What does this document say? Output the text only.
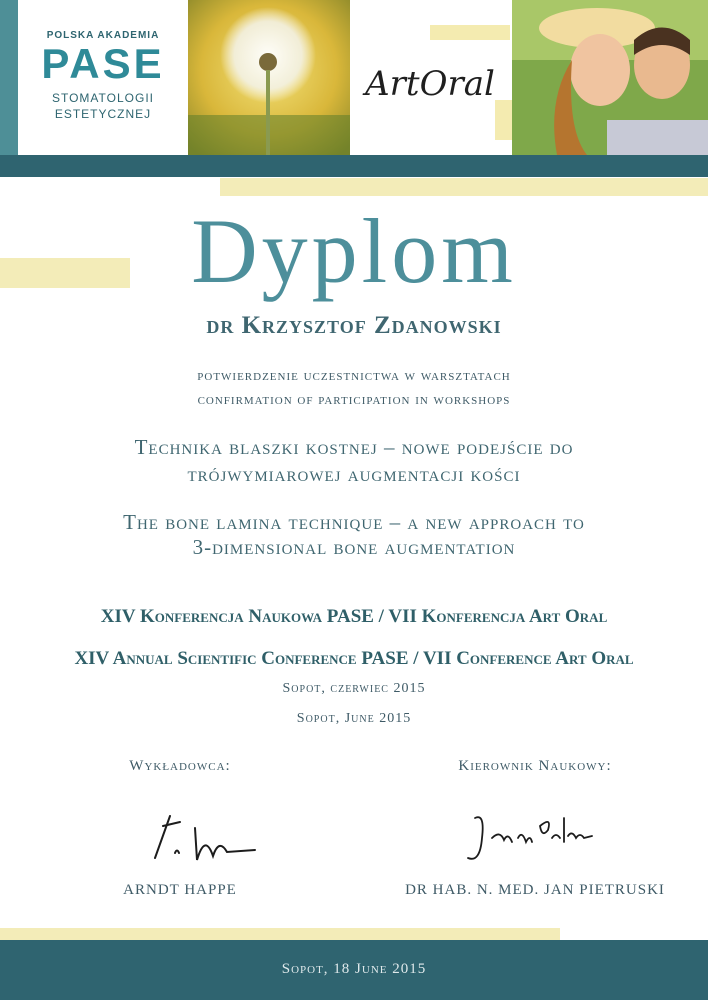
POLSKA AKADEMIA
PASE
STOMATOLOGII
ESTETYCZNEJ
ArtOral
Dyplom
dr Krzysztof Zdanowski
potwierdzenie uczestnictwa w warsztatach
confirmation of participation in workshops
Technika blaszki kostnej – nowe podejście do
trójwymiarowej augmentacji kości
The bone lamina technique – a new approach to
3-dimensional bone augmentation
XIV Konferencja Naukowa PASE / VII Konferencja Art Oral
XIV Annual Scientific Conference PASE / VII Conference Art Oral
Sopot, czerwiec 2015
Sopot, June 2015
Wykładowca:	Kierownik Naukowy:
ARNDT HAPPE	DR HAB. N. MED. JAN PIETRUSKI
Sopot, 18 June 2015
